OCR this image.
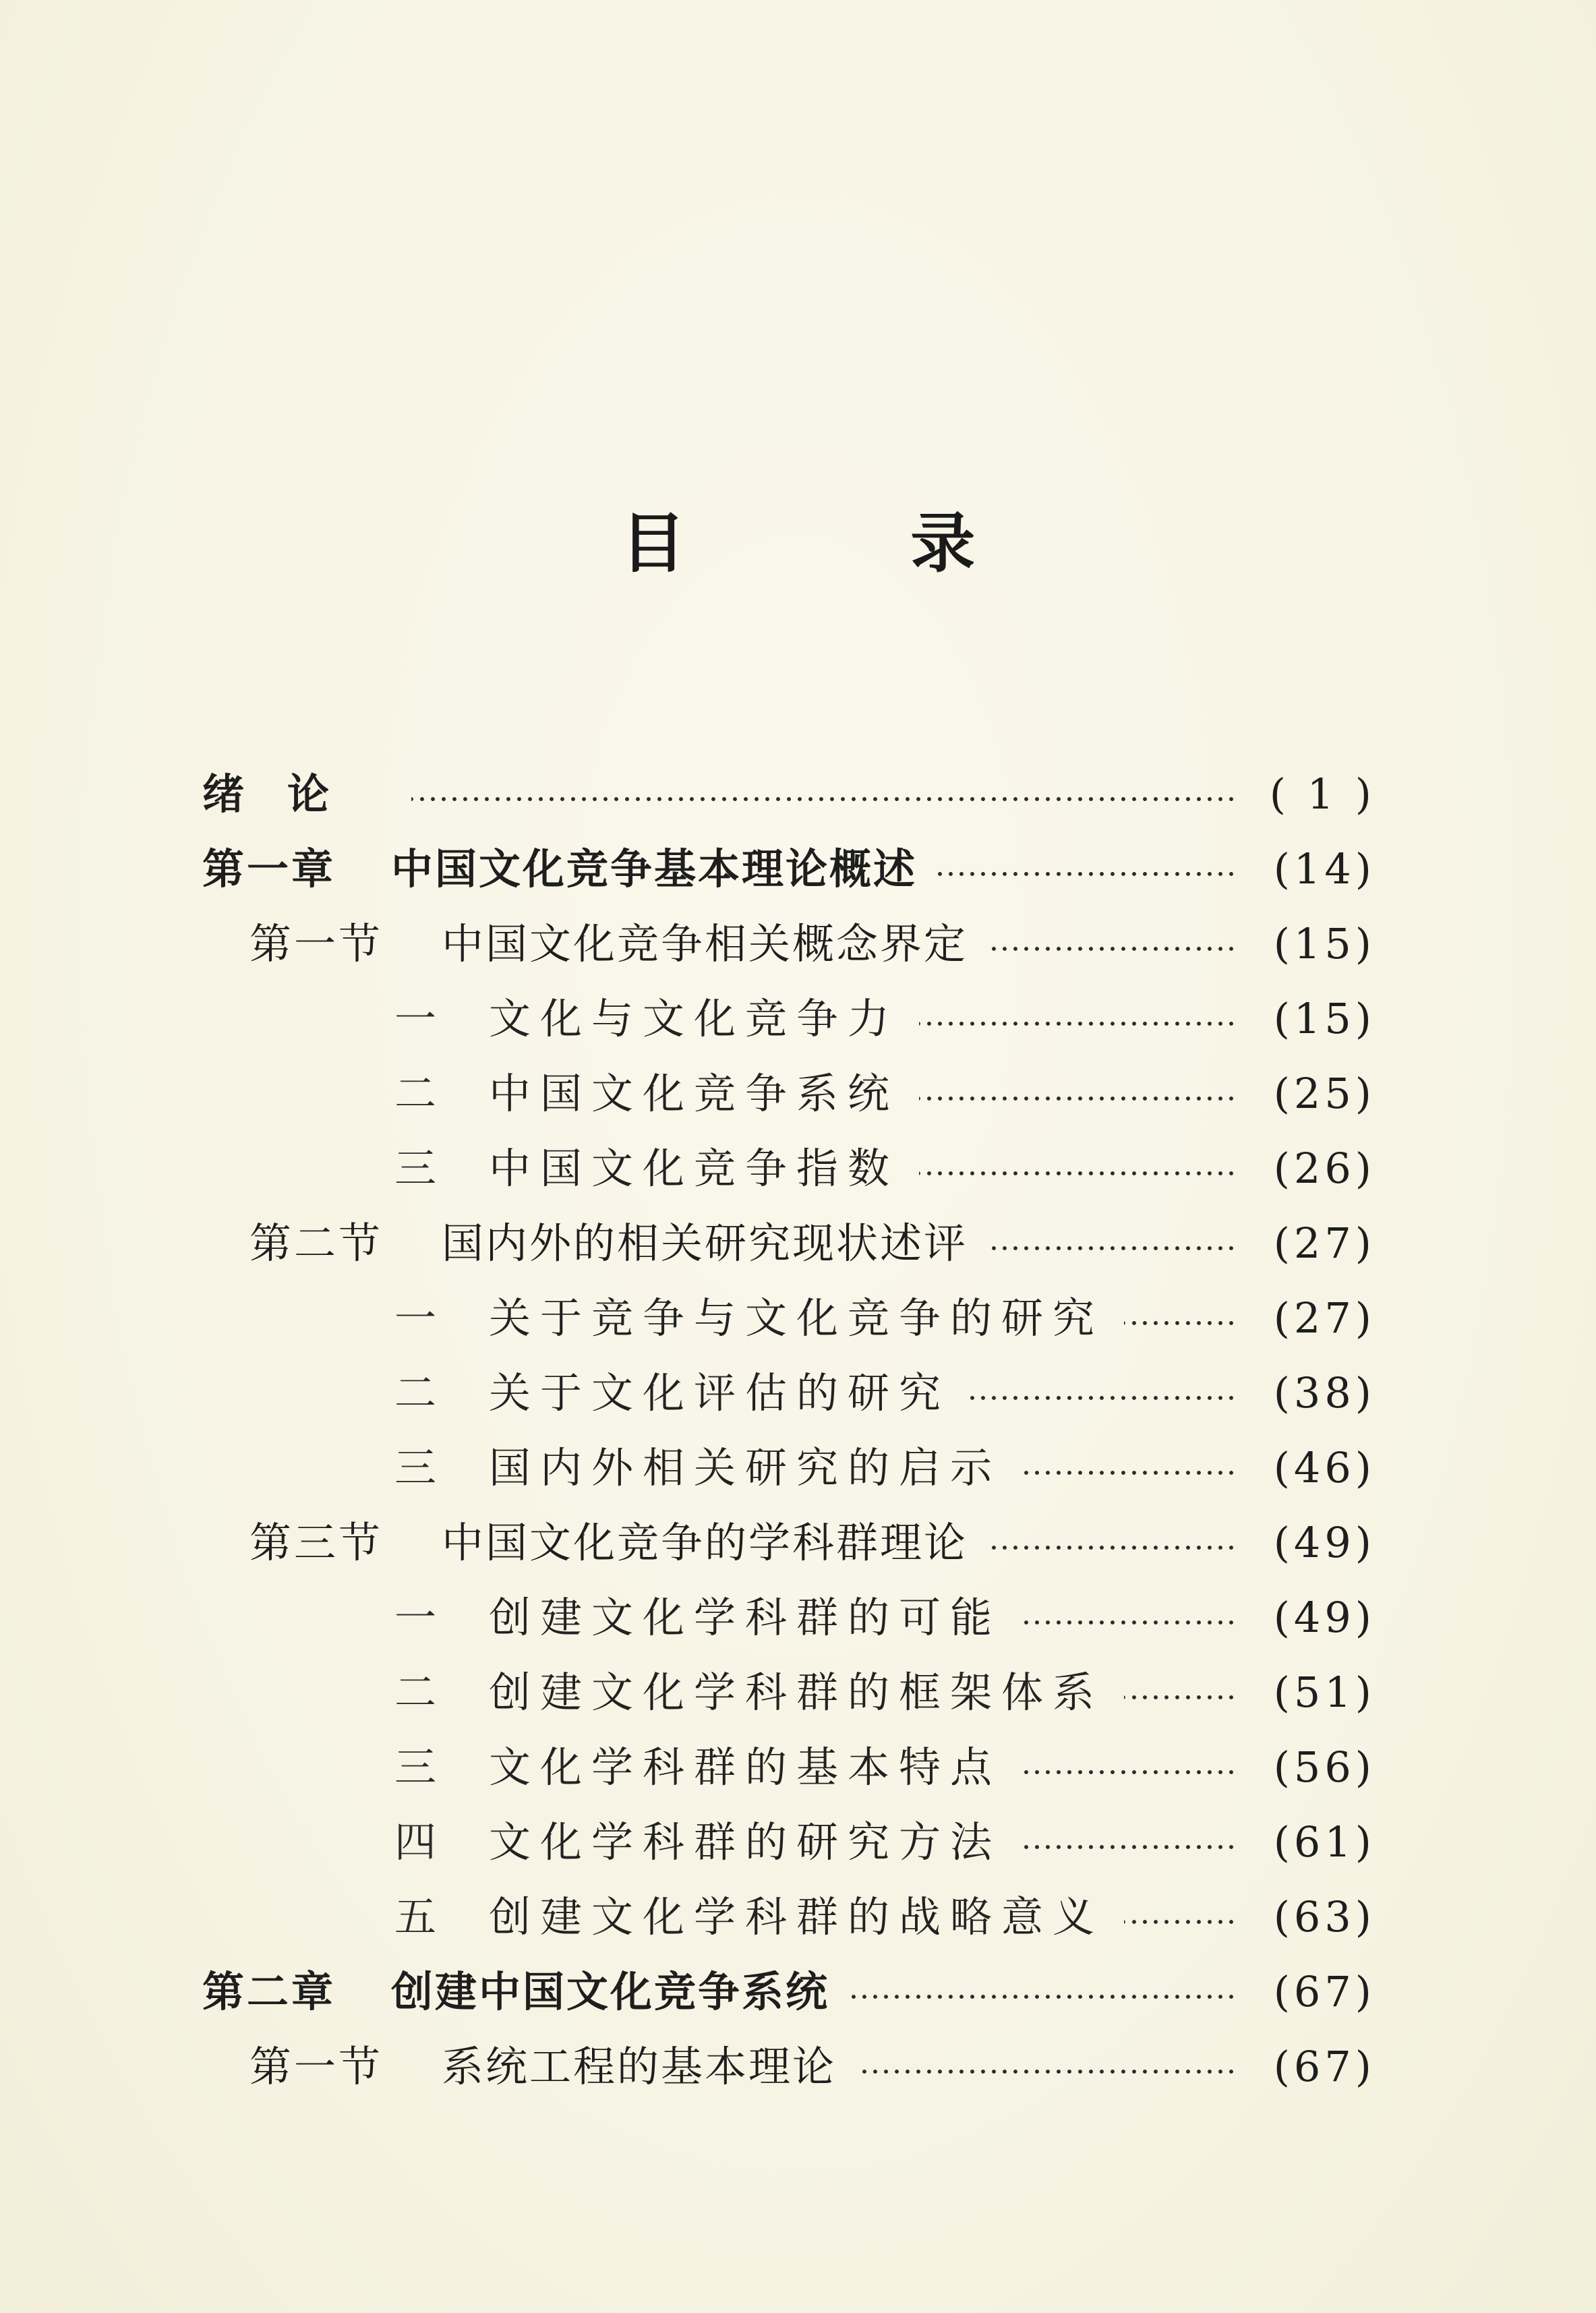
目 录
绪论	( 1 )
第一章	中国文化竞争基本理论概述	(14)
第一节	中国文化竞争相关概念界定	(15)
一	文化与文化竞争力	(15)
二	中国文化竞争系统	(25)
三	中国文化竞争指数	(26)
第二节	国内外的相关研究现状述评	(27)
一	关于竞争与文化竞争的研究	(27)
二	关于文化评估的研究	(38)
三	国内外相关研究的启示	(46)
第三节	中国文化竞争的学科群理论	(49)
一	创建文化学科群的可能	(49)
二	创建文化学科群的框架体系	(51)
三	文化学科群的基本特点	(56)
四	文化学科群的研究方法	(61)
五	创建文化学科群的战略意义	(63)
第二章	创建中国文化竞争系统	(67)
第一节	系统工程的基本理论	(67)
